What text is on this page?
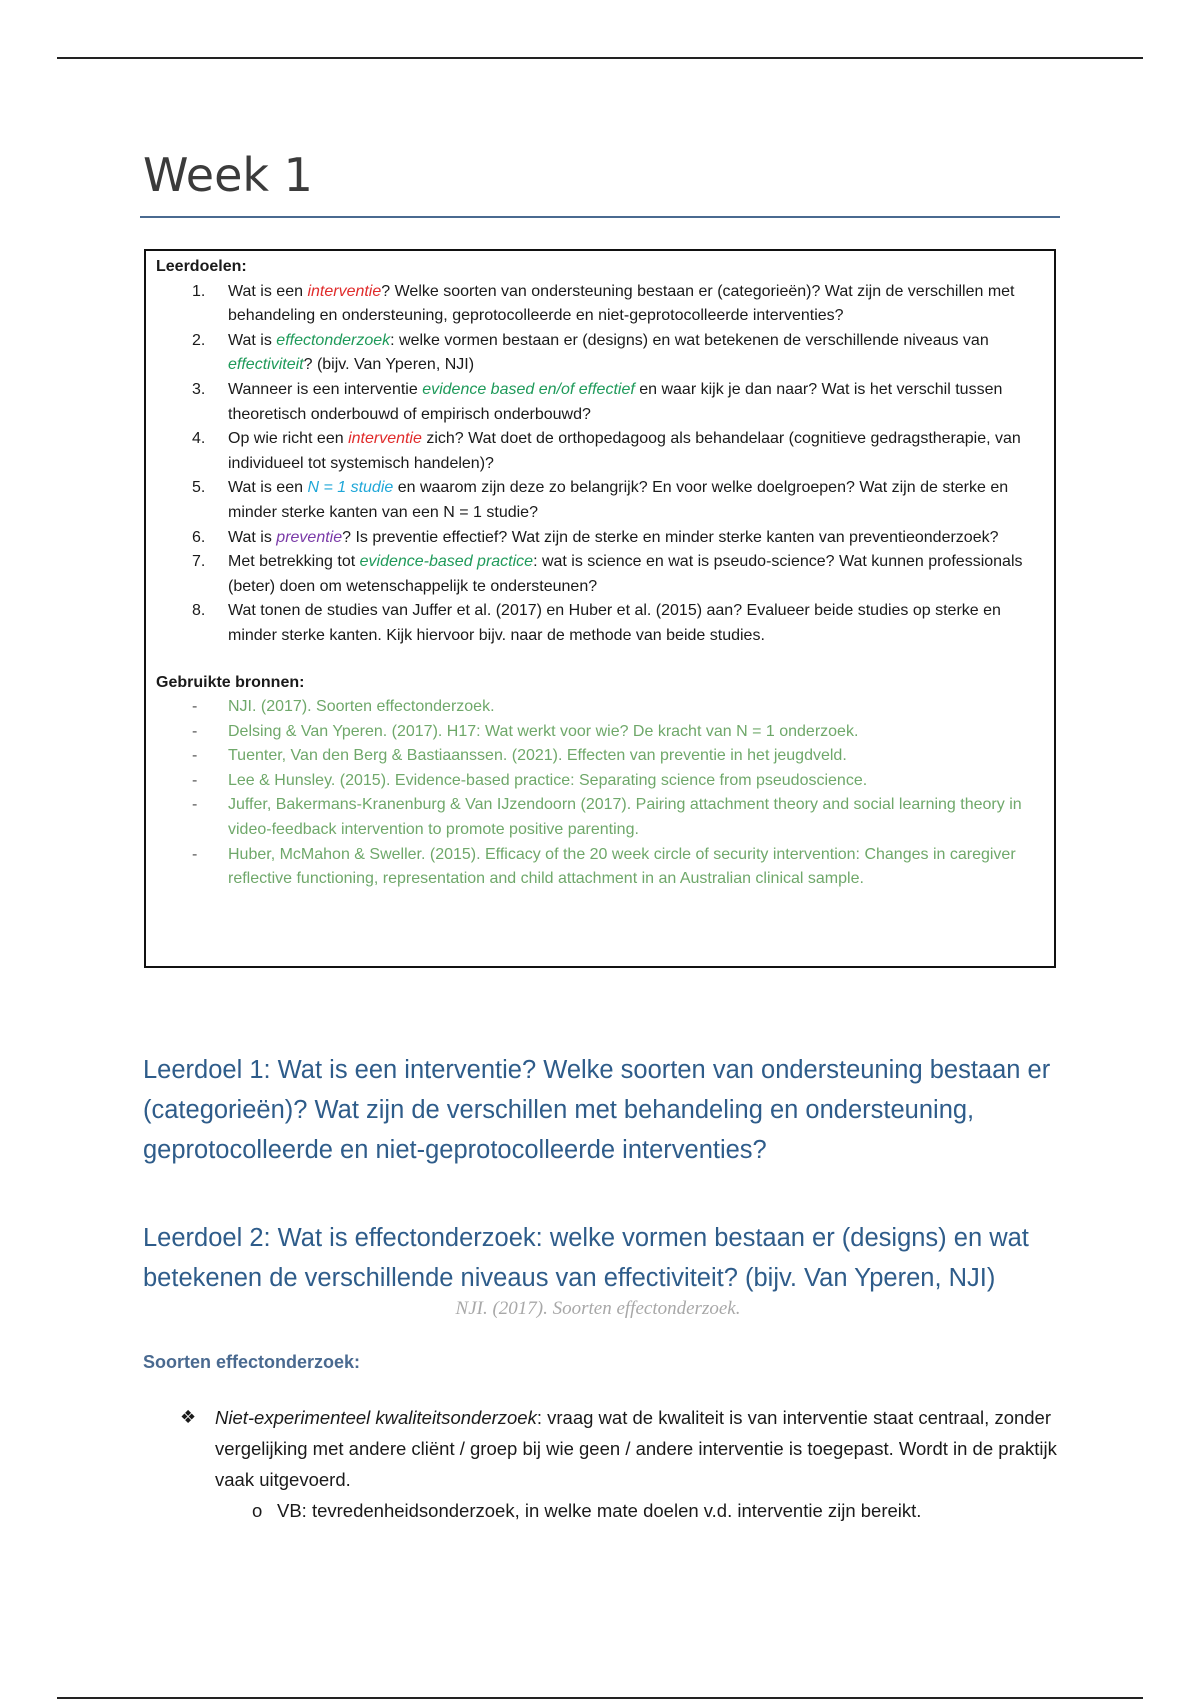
Week 1

Leerdoelen:

1. Wat is een interventie? Welke soorten van ondersteuning bestaan er (categorieën)? Wat zijn de verschillen met behandeling en ondersteuning, geprotocolleerde en niet-geprotocolleerde interventies?
2. Wat is effectonderzoek: welke vormen bestaan er (designs) en wat betekenen de verschillende niveaus van effectiviteit? (bijv. Van Yperen, NJI)
3. Wanneer is een interventie evidence based en/of effectief en waar kijk je dan naar? Wat is het verschil tussen theoretisch onderbouwd of empirisch onderbouwd?
4. Op wie richt een interventie zich? Wat doet de orthopedagoog als behandelaar (cognitieve gedragstherapie, van individueel tot systemisch handelen)?
5. Wat is een N = 1 studie en waarom zijn deze zo belangrijk? En voor welke doelgroepen? Wat zijn de sterke en minder sterke kanten van een N = 1 studie?
6. Wat is preventie? Is preventie effectief? Wat zijn de sterke en minder sterke kanten van preventieonderzoek?
7. Met betrekking tot evidence-based practice: wat is science en wat is pseudo-science? Wat kunnen professionals (beter) doen om wetenschappelijk te ondersteunen?
8. Wat tonen de studies van Juffer et al. (2017) en Huber et al. (2015) aan? Evalueer beide studies op sterke en minder sterke kanten. Kijk hiervoor bijv. naar de methode van beide studies.

Gebruikte bronnen:

- NJI. (2017). Soorten effectonderzoek.
- Delsing & Van Yperen. (2017). H17: Wat werkt voor wie? De kracht van N = 1 onderzoek.
- Tuenter, Van den Berg & Bastiaanssen. (2021). Effecten van preventie in het jeugdveld.
- Lee & Hunsley. (2015). Evidence-based practice: Separating science from pseudoscience.
- Juffer, Bakermans-Kranenburg & Van IJzendoorn (2017). Pairing attachment theory and social learning theory in video-feedback intervention to promote positive parenting.
- Huber, McMahon & Sweller. (2015). Efficacy of the 20 week circle of security intervention: Changes in caregiver reflective functioning, representation and child attachment in an Australian clinical sample.
Leerdoel 1: Wat is een interventie? Welke soorten van ondersteuning bestaan er (categorieën)? Wat zijn de verschillen met behandeling en ondersteuning, geprotocolleerde en niet-geprotocolleerde interventies?
Leerdoel 2: Wat is effectonderzoek: welke vormen bestaan er (designs) en wat betekenen de verschillende niveaus van effectiviteit? (bijv. Van Yperen, NJI)
NJI. (2017). Soorten effectonderzoek.
Soorten effectonderzoek:

❖ Niet-experimenteel kwaliteitsonderzoek: vraag wat de kwaliteit is van interventie staat centraal, zonder vergelijking met andere cliënt / groep bij wie geen / andere interventie is toegepast. Wordt in de praktijk vaak uitgevoerd.

o VB: tevredenheidsonderzoek, in welke mate doelen v.d. interventie zijn bereikt.
